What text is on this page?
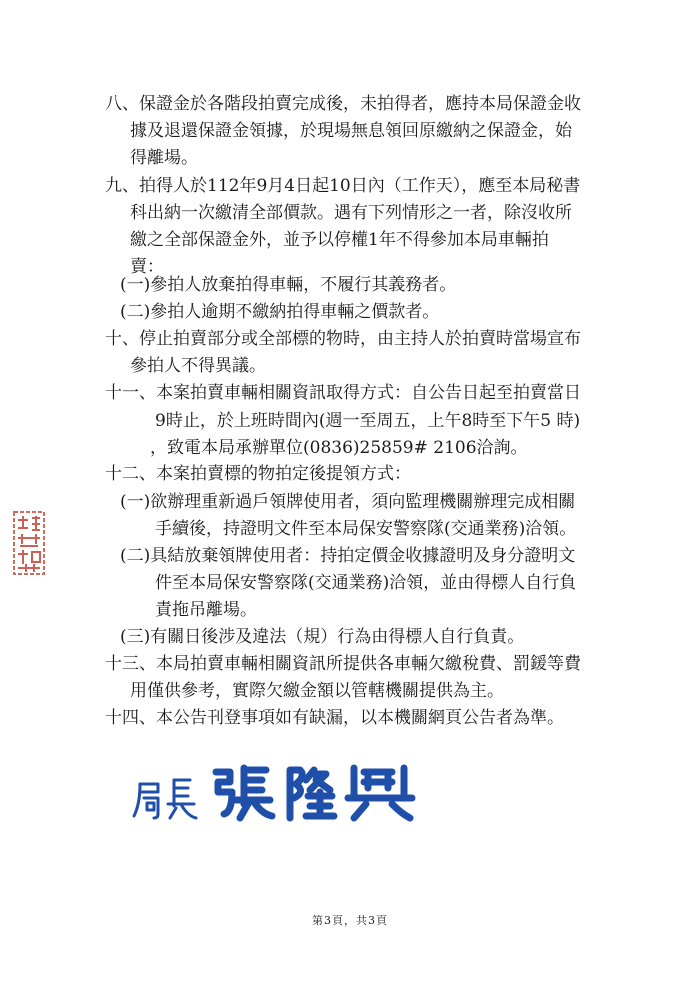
八、保證金於各階段拍賣完成後，未拍得者，應持本局保證金收
據及退還保證金領據，於現場無息領回原繳納之保證金，始
得離場。
九、拍得人於112年9月4日起10日內（工作天），應至本局秘書
科出納一次繳清全部價款。遇有下列情形之一者，除沒收所
繳之全部保證金外，並予以停權1年不得參加本局車輛拍
賣：
(一)參拍人放棄拍得車輛，不履行其義務者。
(二)參拍人逾期不繳納拍得車輛之價款者。
十、停止拍賣部分或全部標的物時，由主持人於拍賣時當場宣布
參拍人不得異議。
十一、本案拍賣車輛相關資訊取得方式：自公告日起至拍賣當日
9時止，於上班時間內(週一至周五，上午8時至下午5 時)
，致電本局承辦單位(0836)25859# 2106洽詢。
十二、本案拍賣標的物拍定後提領方式：
(一)欲辦理重新過戶領牌使用者，須向監理機關辦理完成相關
手續後，持證明文件至本局保安警察隊(交通業務)洽領。
(二)具結放棄領牌使用者：持拍定價金收據證明及身分證明文
件至本局保安警察隊(交通業務)洽領，並由得標人自行負
責拖吊離場。
(三)有關日後涉及違法（規）行為由得標人自行負責。
十三、本局拍賣車輛相關資訊所提供各車輛欠繳稅費、罰鍰等費
用僅供參考，實際欠繳金額以管轄機關提供為主。
十四、本公告刊登事項如有缺漏，以本機關網頁公告者為準。
第3頁，共3頁
